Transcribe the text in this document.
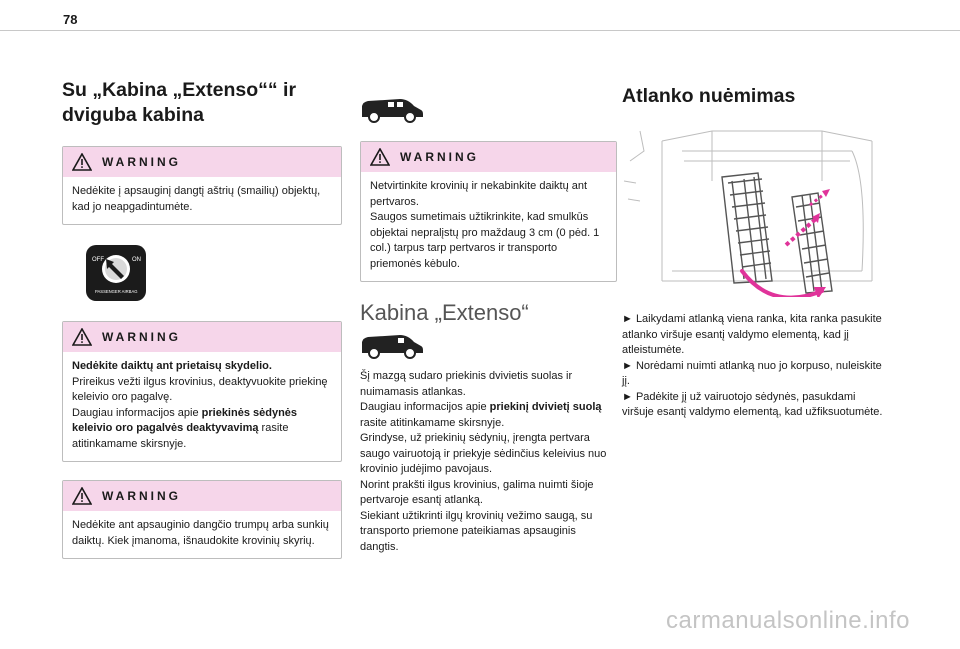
78
Su „Kabina „Extenso““ ir
dviguba kabina
WARNING

Nedėkite į apsauginį dangtį aštrių (smailių) objektų, kad jo neapgadintumėte.

OFF	ON
PASSENGER AIRBAG
WARNING

Nedėkite daiktų ant prietaisų skydelio.

Prireikus vežti ilgus krovinius, deaktyvuokite priekinę keleivio oro pagalvę.

Daugiau informacijos apie priekinės sėdynės keleivio oro pagalvės deaktyvavimą rasite atitinkamame skirsnyje.

WARNING

Nedėkite ant apsauginio dangčio trumpų arba sunkių daiktų. Kiek įmanoma, išnaudokite krovinių skyrių.

WARNING

Netvirtinkite krovinių ir nekabinkite daiktų ant pertvaros.

Saugos sumetimais užtikrinkite, kad smulkūs objektai nepralįstų pro maždaug 3 cm (0 pėd. 1 col.) tarpus tarp pertvaros ir transporto priemonės kėbulo.

Kabina „Extenso“

Šį mazgą sudaro priekinis dvivietis suolas ir nuimamasis atlankas.

Daugiau informacijos apie priekinį dvivietį suolą rasite atitinkamame skirsnyje.

Grindyse, už priekinių sėdynių, įrengta pertvara saugo vairuotoją ir priekyje sėdinčius keleivius nuo krovinio judėjimo pavojaus.

Norint prakšti ilgus krovinius, galima nuimti šioje pertvaroje esantį atlanką.

Siekiant užtikrinti ilgų krovinių vežimo saugą, su transporto priemone pateikiamas apsauginis dangtis.

Atlanko nuėmimas

► Laikydami atlanką viena ranka, kita ranka pasukite atlanko viršuje esantį valdymo elementą, kad jį atleistumėte.

► Norėdami nuimti atlanką nuo jo korpuso, nuleiskite jį.

► Padėkite jį už vairuotojo sėdynės, pasukdami viršuje esantį valdymo elementą, kad užfiksuotumėte.

carmanualsonline.info
